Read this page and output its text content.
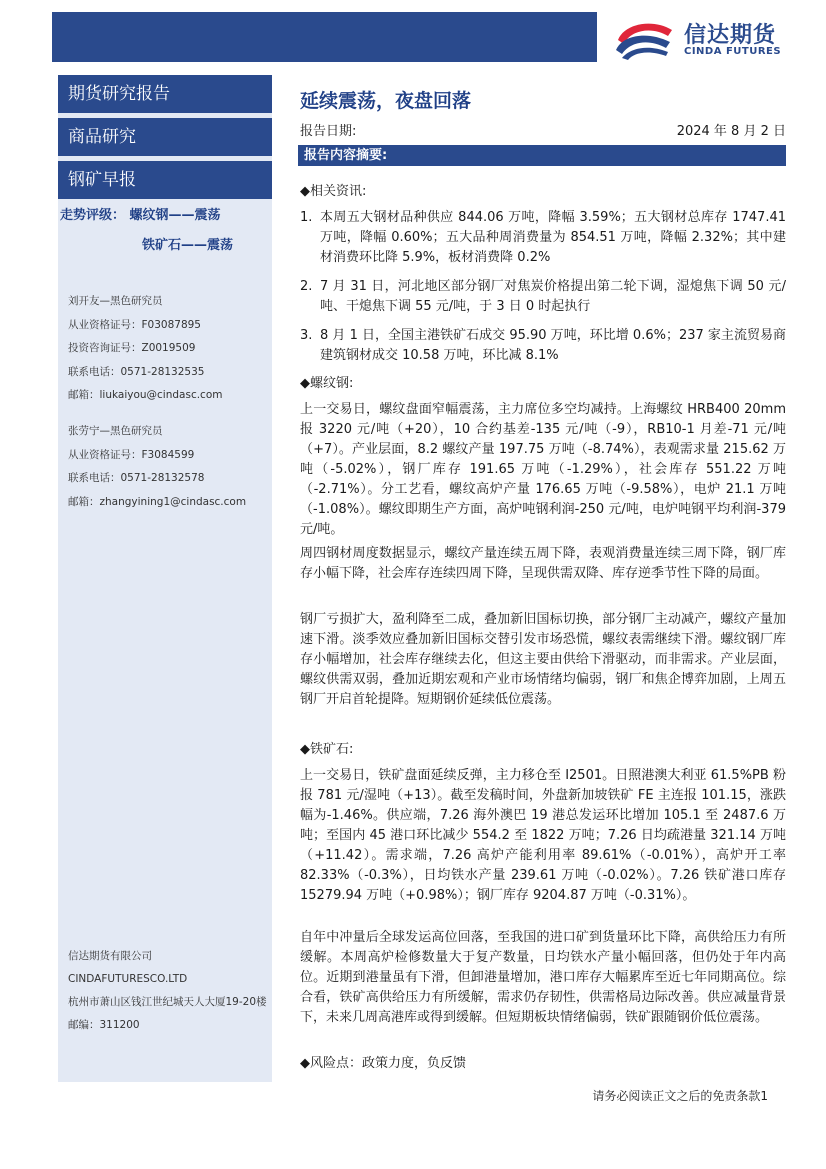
信达期货
CINDA FUTURES
期货研究报告
商品研究
钢矿早报
走势评级： 螺纹钢——震荡
铁矿石——震荡
刘开友—黑色研究员
从业资格证号：F03087895
投资咨询证号：Z0019509
联系电话：0571-28132535
邮箱：liukaiyou@cindasc.com
张劳宁—黑色研究员
从业资格证号：F3084599
联系电话：0571-28132578
邮箱：zhangyining1@cindasc.com
信达期货有限公司
CINDAFUTURESCO.LTD
杭州市萧山区钱江世纪城天人大厦19-20楼
邮编：311200
延续震荡，夜盘回落
报告日期:	2024 年 8 月 2 日
报告内容摘要:
◆相关资讯:
1. 本周五大钢材品种供应 844.06 万吨，降幅 3.59%；五大钢材总库存 1747.41 万吨，降幅 0.60%；五大品种周消费量为 854.51 万吨，降幅 2.32%；其中建材消费环比降 5.9%，板材消费降 0.2%
2. 7 月 31 日，河北地区部分钢厂对焦炭价格提出第二轮下调，湿熄焦下调 50 元/吨、干熄焦下调 55 元/吨，于 3 日 0 时起执行
3. 8 月 1 日，全国主港铁矿石成交 95.90 万吨，环比增 0.6%；237 家主流贸易商建筑钢材成交 10.58 万吨，环比减 8.1%
◆螺纹钢:
上一交易日，螺纹盘面窄幅震荡，主力席位多空均减持。上海螺纹 HRB400 20mm 报 3220 元/吨（+20），10 合约基差-135 元/吨（-9），RB10-1 月差-71 元/吨（+7）。产业层面，8.2 螺纹产量 197.75 万吨（-8.74%），表观需求量 215.62 万吨（-5.02%），钢厂库存 191.65 万吨（-1.29%），社会库存 551.22 万吨（-2.71%）。分工艺看，螺纹高炉产量 176.65 万吨（-9.58%），电炉 21.1 万吨（-1.08%）。螺纹即期生产方面，高炉吨钢利润-250 元/吨，电炉吨钢平均利润-379 元/吨。
周四钢材周度数据显示，螺纹产量连续五周下降，表观消费量连续三周下降，钢厂库存小幅下降，社会库存连续四周下降，呈现供需双降、库存逆季节性下降的局面。
钢厂亏损扩大，盈利降至二成，叠加新旧国标切换，部分钢厂主动减产，螺纹产量加速下滑。淡季效应叠加新旧国标交替引发市场恐慌，螺纹表需继续下滑。螺纹钢厂库存小幅增加，社会库存继续去化，但这主要由供给下滑驱动，而非需求。产业层面，螺纹供需双弱，叠加近期宏观和产业市场情绪均偏弱，钢厂和焦企博弈加剧，上周五钢厂开启首轮提降。短期钢价延续低位震荡。
◆铁矿石:
上一交易日，铁矿盘面延续反弹，主力移仓至 I2501。日照港澳大利亚 61.5%PB 粉报 781 元/湿吨（+13）。截至发稿时间，外盘新加坡铁矿 FE 主连报 101.15，涨跌幅为-1.46%。供应端，7.26 海外澳巴 19 港总发运环比增加 105.1 至 2487.6 万吨；至国内 45 港口环比减少 554.2 至 1822 万吨；7.26 日均疏港量 321.14 万吨（+11.42）。需求端，7.26 高炉产能利用率 89.61%（-0.01%），高炉开工率 82.33%（-0.3%），日均铁水产量 239.61 万吨（-0.02%）。7.26 铁矿港口库存 15279.94 万吨（+0.98%）；钢厂库存 9204.87 万吨（-0.31%）。
自年中冲量后全球发运高位回落，至我国的进口矿到货量环比下降，高供给压力有所缓解。本周高炉检修数量大于复产数量，日均铁水产量小幅回落，但仍处于年内高位。近期到港量虽有下滑，但卸港量增加，港口库存大幅累库至近七年同期高位。综合看，铁矿高供给压力有所缓解，需求仍存韧性，供需格局边际改善。供应减量背景下，未来几周高港库或得到缓解。但短期板块情绪偏弱，铁矿跟随钢价低位震荡。
◆风险点：政策力度，负反馈
请务必阅读正文之后的免责条款1
